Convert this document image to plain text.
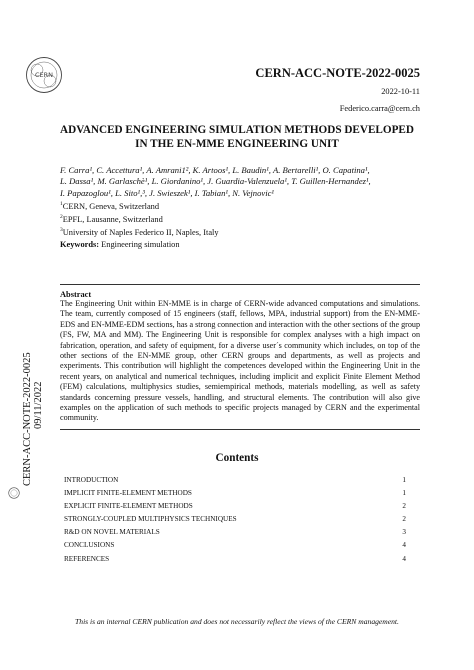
CERN	CERN-ACC-NOTE-2022-0025
2022-10-11
Federico.carra@cern.ch
ADVANCED ENGINEERING SIMULATION METHODS DEVELOPED
IN THE EN-MME ENGINEERING UNIT
F. Carra¹, C. Accettura¹, A. Amrani1², K. Artoos¹, L. Baudin¹, A. Bertarelli¹, O. Capatina¹,
L. Dassa¹, M. Garlaschè¹, L. Giordanino¹, J. Guardia-Valenzuela¹, T. Guillen-Hernandez¹,
I. Papazoglou¹, L. Sito¹,³, J. Swieszek¹, I. Tabian¹, N. Vejnovic¹
$^1$CERN, Geneva, Switzerland
$^2$EPFL, Lausanne, Switzerland
$^3$University of Naples Federico II, Naples, Italy
Keywords: Engineering simulation
Abstract
The Engineering Unit within EN-MME is in charge of CERN-wide advanced computations and simulations. The team, currently composed of 15 engineers (staff, fellows, MPA, industrial support) from the EN-MME-EDS and EN-MME-EDM sections, has a strong connection and interaction with the other sections of the group (FS, FW, MA and MM). The Engineering Unit is responsible for complex analyses with a high impact on fabrication, operation, and safety of equipment, for a diverse user´s community which includes, on top of the other sections of the EN-MME group, other CERN groups and departments, as well as projects and experiments. This contribution will highlight the competences developed within the Engineering Unit in the recent years, on analytical and numerical techniques, including implicit and explicit Finite Element Method (FEM) calculations, multiphysics studies, semiempirical methods, materials modelling, as well as safety standards concerning pressure vessels, handling, and structural elements. The contribution will also give examples on the application of such methods to specific projects managed by CERN and the experimental community.
Contents
INTRODUCTION	1
IMPLICIT FINITE-ELEMENT METHODS	1
EXPLICIT FINITE-ELEMENT METHODS	2
STRONGLY-COUPLED MULTIPHYSICS TECHNIQUES	2
R&D ON NOVEL MATERIALS	3
CONCLUSIONS	4
REFERENCES	4
This is an internal CERN publication and does not necessarily reflect the views of the CERN management.
CERN-ACC-NOTE-2022-0025 09/11/2022
